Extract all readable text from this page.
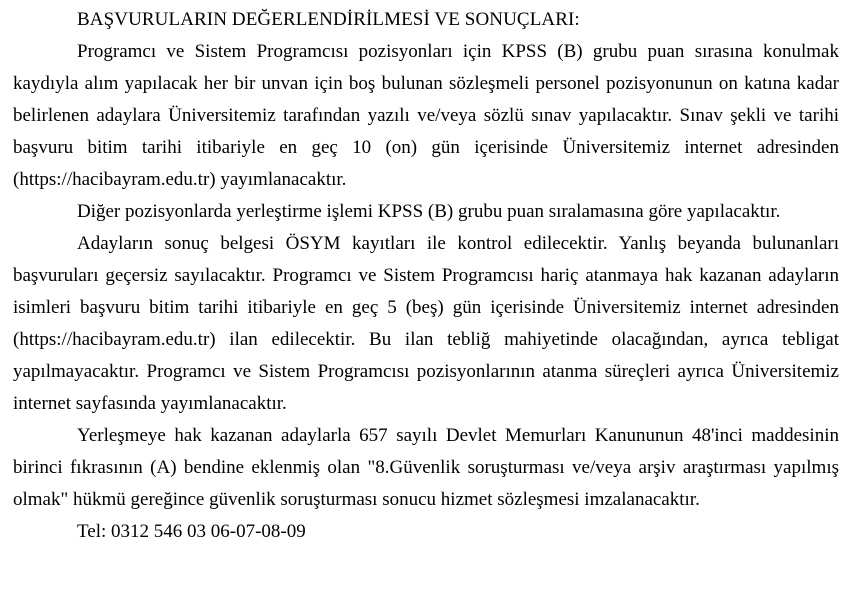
BAŞVURULARIN DEĞERLENDİRİLMESİ VE SONUÇLARI:

Programcı ve Sistem Programcısı pozisyonları için KPSS (B) grubu puan sırasına konulmak kaydıyla alım yapılacak her bir unvan için boş bulunan sözleşmeli personel pozisyonunun on katına kadar belirlenen adaylara Üniversitemiz tarafından yazılı ve/veya sözlü sınav yapılacaktır. Sınav şekli ve tarihi başvuru bitim tarihi itibariyle en geç 10 (on) gün içerisinde Üniversitemiz internet adresinden (https://hacibayram.edu.tr) yayımlanacaktır.

Diğer pozisyonlarda yerleştirme işlemi KPSS (B) grubu puan sıralamasına göre yapılacaktır.

Adayların sonuç belgesi ÖSYM kayıtları ile kontrol edilecektir. Yanlış beyanda bulunanları başvuruları geçersiz sayılacaktır. Programcı ve Sistem Programcısı hariç atanmaya hak kazanan adayların isimleri başvuru bitim tarihi itibariyle en geç 5 (beş) gün içerisinde Üniversitemiz internet adresinden (https://hacibayram.edu.tr) ilan edilecektir. Bu ilan tebliğ mahiyetinde olacağından, ayrıca tebligat yapılmayacaktır. Programcı ve Sistem Programcısı pozisyonlarının atanma süreçleri ayrıca Üniversitemiz internet sayfasında yayımlanacaktır.

Yerleşmeye hak kazanan adaylarla 657 sayılı Devlet Memurları Kanununun 48'inci maddesinin birinci fıkrasının (A) bendine eklenmiş olan "8.Güvenlik soruşturması ve/veya arşiv araştırması yapılmış olmak" hükmü gereğince güvenlik soruşturması sonucu hizmet sözleşmesi imzalanacaktır.

Tel: 0312 546 03 06-07-08-09
